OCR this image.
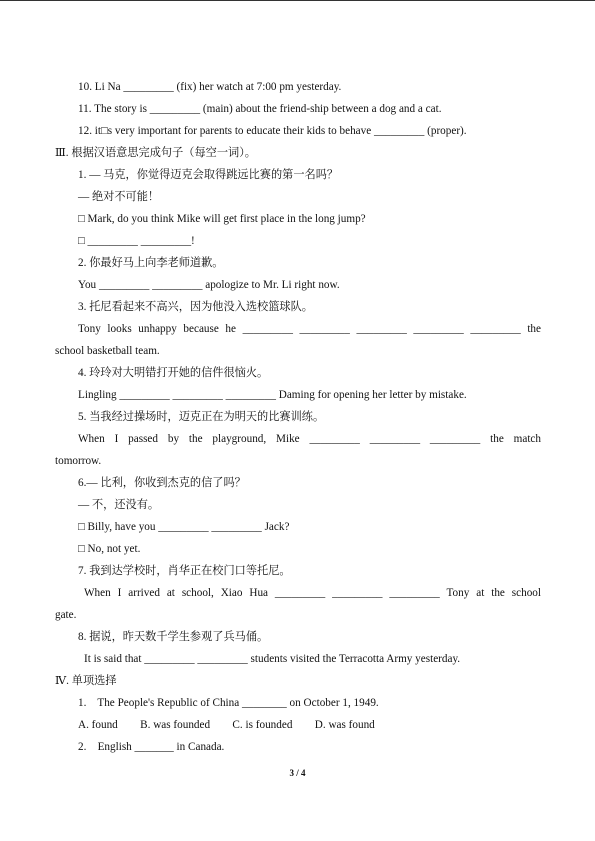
10. Li Na _________ (fix) her watch at 7:00 pm yesterday.
11. The story is _________ (main) about the friend-ship between a dog and a cat.
12. it□s very important for parents to educate their kids to behave _________ (proper).
Ⅲ. 根据汉语意思完成句子（每空一词）。
1. — 马克，你觉得迈克会取得跳远比赛的第一名吗？
— 绝对不可能！
□ Mark, do you think Mike will get first place in the long jump?
□ _________ _________!
2. 你最好马上向李老师道歉。
You _________ _________ apologize to Mr. Li right now.
3. 托尼看起来不高兴，因为他没入选校篮球队。
Tony looks unhappy because he _________ _________ _________ _________ _________ the
school basketball team.
4. 玲玲对大明错打开她的信件很恼火。
Lingling _________ _________ _________ Daming for opening her letter by mistake.
5. 当我经过操场时，迈克正在为明天的比赛训练。
When I passed by the playground, Mike _________ _________ _________ the match
tomorrow.
6.— 比利，你收到杰克的信了吗？
— 不，还没有。
□ Billy, have you _________ _________ Jack?
□ No, not yet.
7. 我到达学校时，肖华正在校门口等托尼。
When I arrived at school, Xiao Hua _________ _________ _________ Tony at the school
gate.
8. 据说，昨天数千学生参观了兵马俑。
It is said that _________ _________ students visited the Terracotta Army yesterday.
Ⅳ. 单项选择
1.    The People's Republic of China ________ on October 1, 1949.
A. found        B. was founded        C. is founded        D. was found
2.    English _______ in Canada.
3 / 4
